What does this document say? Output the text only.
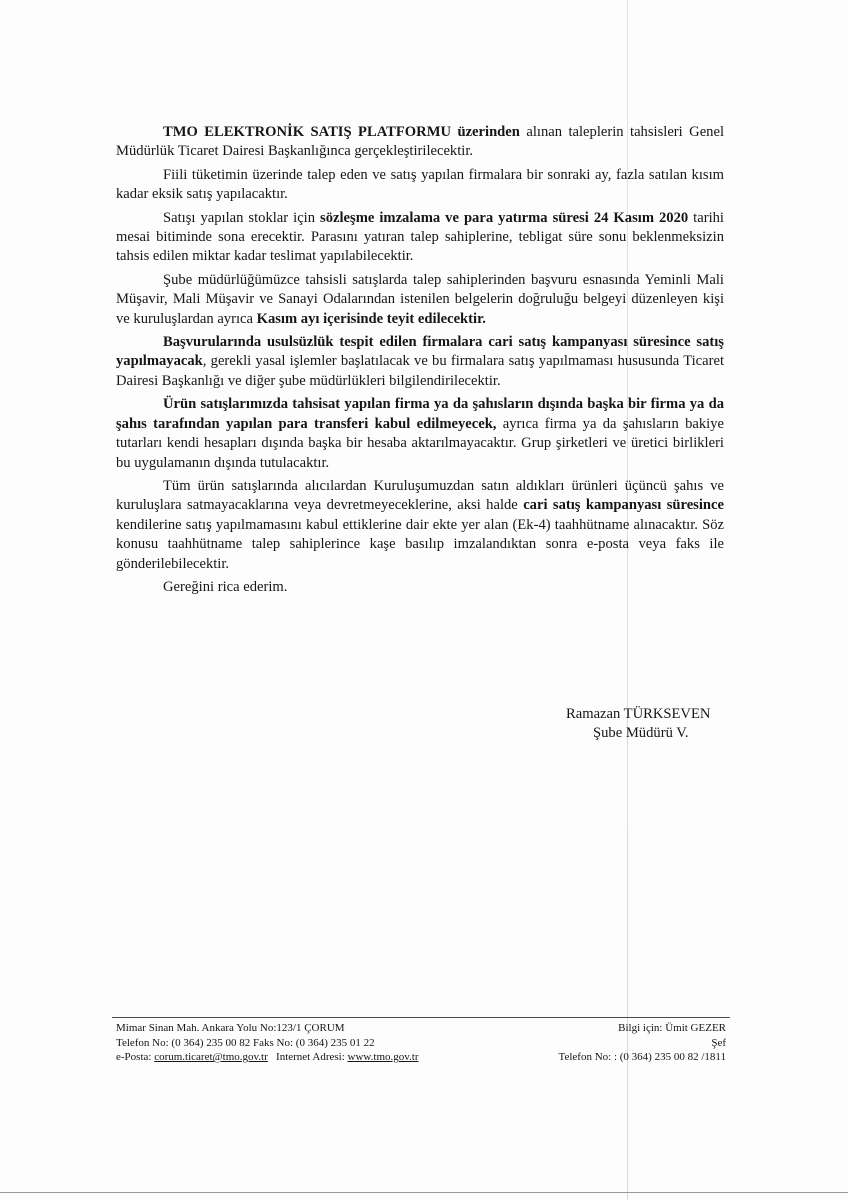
TMO ELEKTRONİK SATIŞ PLATFORMU üzerinden alınan taleplerin tahsisleri Genel Müdürlük Ticaret Dairesi Başkanlığınca gerçekleştirilecektir.

Fiili tüketimin üzerinde talep eden ve satış yapılan firmalara bir sonraki ay, fazla satılan kısım kadar eksik satış yapılacaktır.

Satışı yapılan stoklar için sözleşme imzalama ve para yatırma süresi 24 Kasım 2020 tarihi mesai bitiminde sona erecektir. Parasını yatıran talep sahiplerine, tebligat süre sonu beklenmeksizin tahsis edilen miktar kadar teslimat yapılabilecektir.

Şube müdürlüğümüzce tahsisli satışlarda talep sahiplerinden başvuru esnasında Yeminli Mali Müşavir, Mali Müşavir ve Sanayi Odalarından istenilen belgelerin doğruluğu belgeyi düzenleyen kişi ve kuruluşlardan ayrıca Kasım ayı içerisinde teyit edilecektir.

Başvurularında usulsüzlük tespit edilen firmalara cari satış kampanyası süresince satış yapılmayacak, gerekli yasal işlemler başlatılacak ve bu firmalara satış yapılmaması hususunda Ticaret Dairesi Başkanlığı ve diğer şube müdürlükleri bilgilendirilecektir.

Ürün satışlarımızda tahsisat yapılan firma ya da şahısların dışında başka bir firma ya da şahıs tarafından yapılan para transferi kabul edilmeyecek, ayrıca firma ya da şahısların bakiye tutarları kendi hesapları dışında başka bir hesaba aktarılmayacaktır. Grup şirketleri ve üretici birlikleri bu uygulamanın dışında tutulacaktır.

Tüm ürün satışlarında alıcılardan Kuruluşumuzdan satın aldıkları ürünleri üçüncü şahıs ve kuruluşlara satmayacaklarına veya devretmeyeceklerine, aksi halde cari satış kampanyası süresince kendilerine satış yapılmamasını kabul ettiklerine dair ekte yer alan (Ek-4) taahhütname alınacaktır. Söz konusu taahhütname talep sahiplerince kaşe basılıp imzalandıktan sonra e-posta veya faks ile gönderilebilecektir.

Gereğini rica ederim.

Ramazan TÜRKSEVEN
Şube Müdürü V.
Mimar Sinan Mah. Ankara Yolu No:123/1 ÇORUM
Telefon No: (0 364) 235 00 82 Faks No: (0 364) 235 01 22
e-Posta: corum.ticaret@tmo.gov.tr   Internet Adresi: www.tmo.gov.tr
Bilgi için: Ümit GEZER
Şef
Telefon No: : (0 364) 235 00 82 /1811
